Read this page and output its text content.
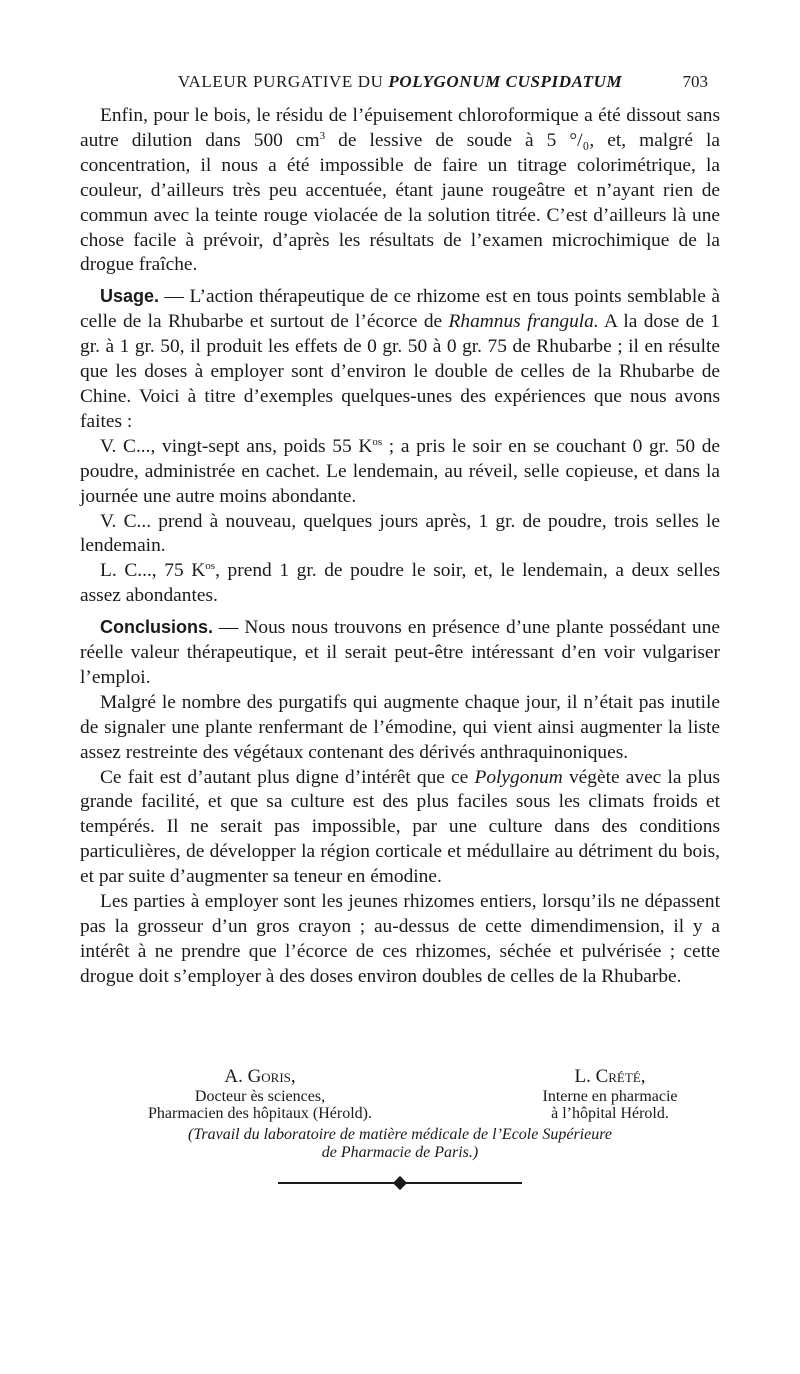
VALEUR PURGATIVE DU POLYGONUM CUSPIDATUM	703

Enfin, pour le bois, le résidu de l’épuisement chloroformique a été dissout sans autre dilution dans 500 $cm^3$ de lessive de soude à 5 °/₀, et, malgré la concentration, il nous a été impossible de faire un titrage colorimétrique, la couleur, d’ailleurs très peu accentuée, étant jaune rougeâtre et n’ayant rien de commun avec la teinte rouge violacée de la solution titrée. C’est d’ailleurs là une chose facile à prévoir, d’après les résultats de l’examen microchimique de la drogue fraîche.

Usage. — L’action thérapeutique de ce rhizome est en tous points semblable à celle de la Rhubarbe et surtout de l’écorce de Rhamnus frangula. A la dose de 1 gr. à 1 gr. 50, il produit les effets de 0 gr. 50 à 0 gr. 75 de Rhubarbe ; il en résulte que les doses à employer sont d’environ le double de celles de la Rhubarbe de Chine. Voici à titre d’exemples quelques-unes des expériences que nous avons faites :

V. C..., vingt-sept ans, poids 55 $K^{os}$ ; a pris le soir en se couchant 0 gr. 50 de poudre, administrée en cachet. Le lendemain, au réveil, selle copieuse, et dans la journée une autre moins abondante.

V. C... prend à nouveau, quelques jours après, 1 gr. de poudre, trois selles le lendemain.

L. C..., 75 $K^{os}$, prend 1 gr. de poudre le soir, et, le lendemain, a deux selles assez abondantes.

Conclusions. — Nous nous trouvons en présence d’une plante possédant une réelle valeur thérapeutique, et il serait peut-être intéressant d’en voir vulgariser l’emploi.

Malgré le nombre des purgatifs qui augmente chaque jour, il n’était pas inutile de signaler une plante renfermant de l’émodine, qui vient ainsi augmenter la liste assez restreinte des végétaux contenant des dérivés anthraquinoniques.

Ce fait est d’autant plus digne d’intérêt que ce Polygonum végète avec la plus grande facilité, et que sa culture est des plus faciles sous les climats froids et tempérés. Il ne serait pas impossible, par une culture dans des conditions particulières, de développer la région corticale et médullaire au détriment du bois, et par suite d’augmenter sa teneur en émodine.

Les parties à employer sont les jeunes rhizomes entiers, lorsqu’ils ne dépassent pas la grosseur d’un gros crayon ; au-dessus de cette dimendimension, il y a intérêt à ne prendre que l’écorce de ces rhizomes, séchée et pulvérisée ; cette drogue doit s’employer à des doses environ doubles de celles de la Rhubarbe.

A. Goris,
Docteur ès sciences,
Pharmacien des hôpitaux (Hérold).
L. Crété,
Interne en pharmacie
à l’hôpital Hérold.
(Travail du laboratoire de matière médicale de l’Ecole Supérieure
de Pharmacie de Paris.)
